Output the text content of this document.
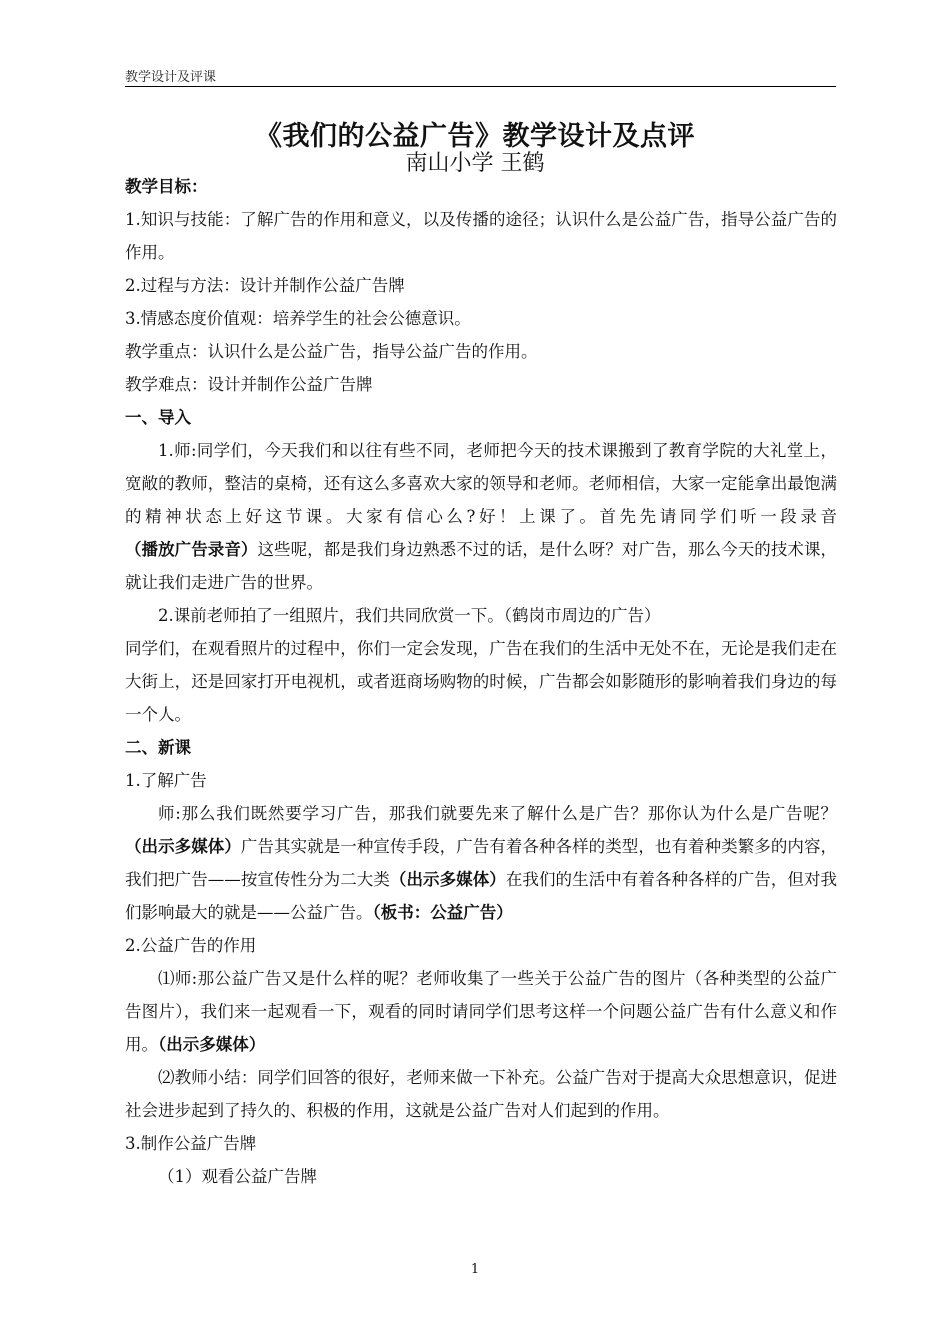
教学设计及评课
《我们的公益广告》教学设计及点评
南山小学 王鹤

教学目标：

1.知识与技能：了解广告的作用和意义，以及传播的途径；认识什么是公益广告，指导公益广告的作用。

2.过程与方法：设计并制作公益广告牌

3.情感态度价值观：培养学生的社会公德意识。

教学重点：认识什么是公益广告，指导公益广告的作用。

教学难点：设计并制作公益广告牌

一、导入

1.师:同学们，今天我们和以往有些不同，老师把今天的技术课搬到了教育学院的大礼堂上，宽敞的教师，整洁的桌椅，还有这么多喜欢大家的领导和老师。老师相信，大家一定能拿出最饱满的精神状态上好这节课。大家有信心么?好！上课了。首先先请同学们听一段录音（播放广告录音）这些呢，都是我们身边熟悉不过的话，是什么呀？对广告，那么今天的技术课，就让我们走进广告的世界。

2.课前老师拍了一组照片，我们共同欣赏一下。（鹤岗市周边的广告）

同学们，在观看照片的过程中，你们一定会发现，广告在我们的生活中无处不在，无论是我们走在大街上，还是回家打开电视机，或者逛商场购物的时候，广告都会如影随形的影响着我们身边的每一个人。

二、新课

1.了解广告

师:那么我们既然要学习广告，那我们就要先来了解什么是广告？那你认为什么是广告呢？（出示多媒体）广告其实就是一种宣传手段，广告有着各种各样的类型，也有着种类繁多的内容，我们把广告——按宣传性分为二大类（出示多媒体）在我们的生活中有着各种各样的广告，但对我们影响最大的就是——公益广告。（板书：公益广告）

2.公益广告的作用

⑴师:那公益广告又是什么样的呢？老师收集了一些关于公益广告的图片（各种类型的公益广告图片），我们来一起观看一下，观看的同时请同学们思考这样一个问题公益广告有什么意义和作用。（出示多媒体）

⑵教师小结：同学们回答的很好，老师来做一下补充。公益广告对于提高大众思想意识，促进社会进步起到了持久的、积极的作用，这就是公益广告对人们起到的作用。

3.制作公益广告牌

（1）观看公益广告牌

1
